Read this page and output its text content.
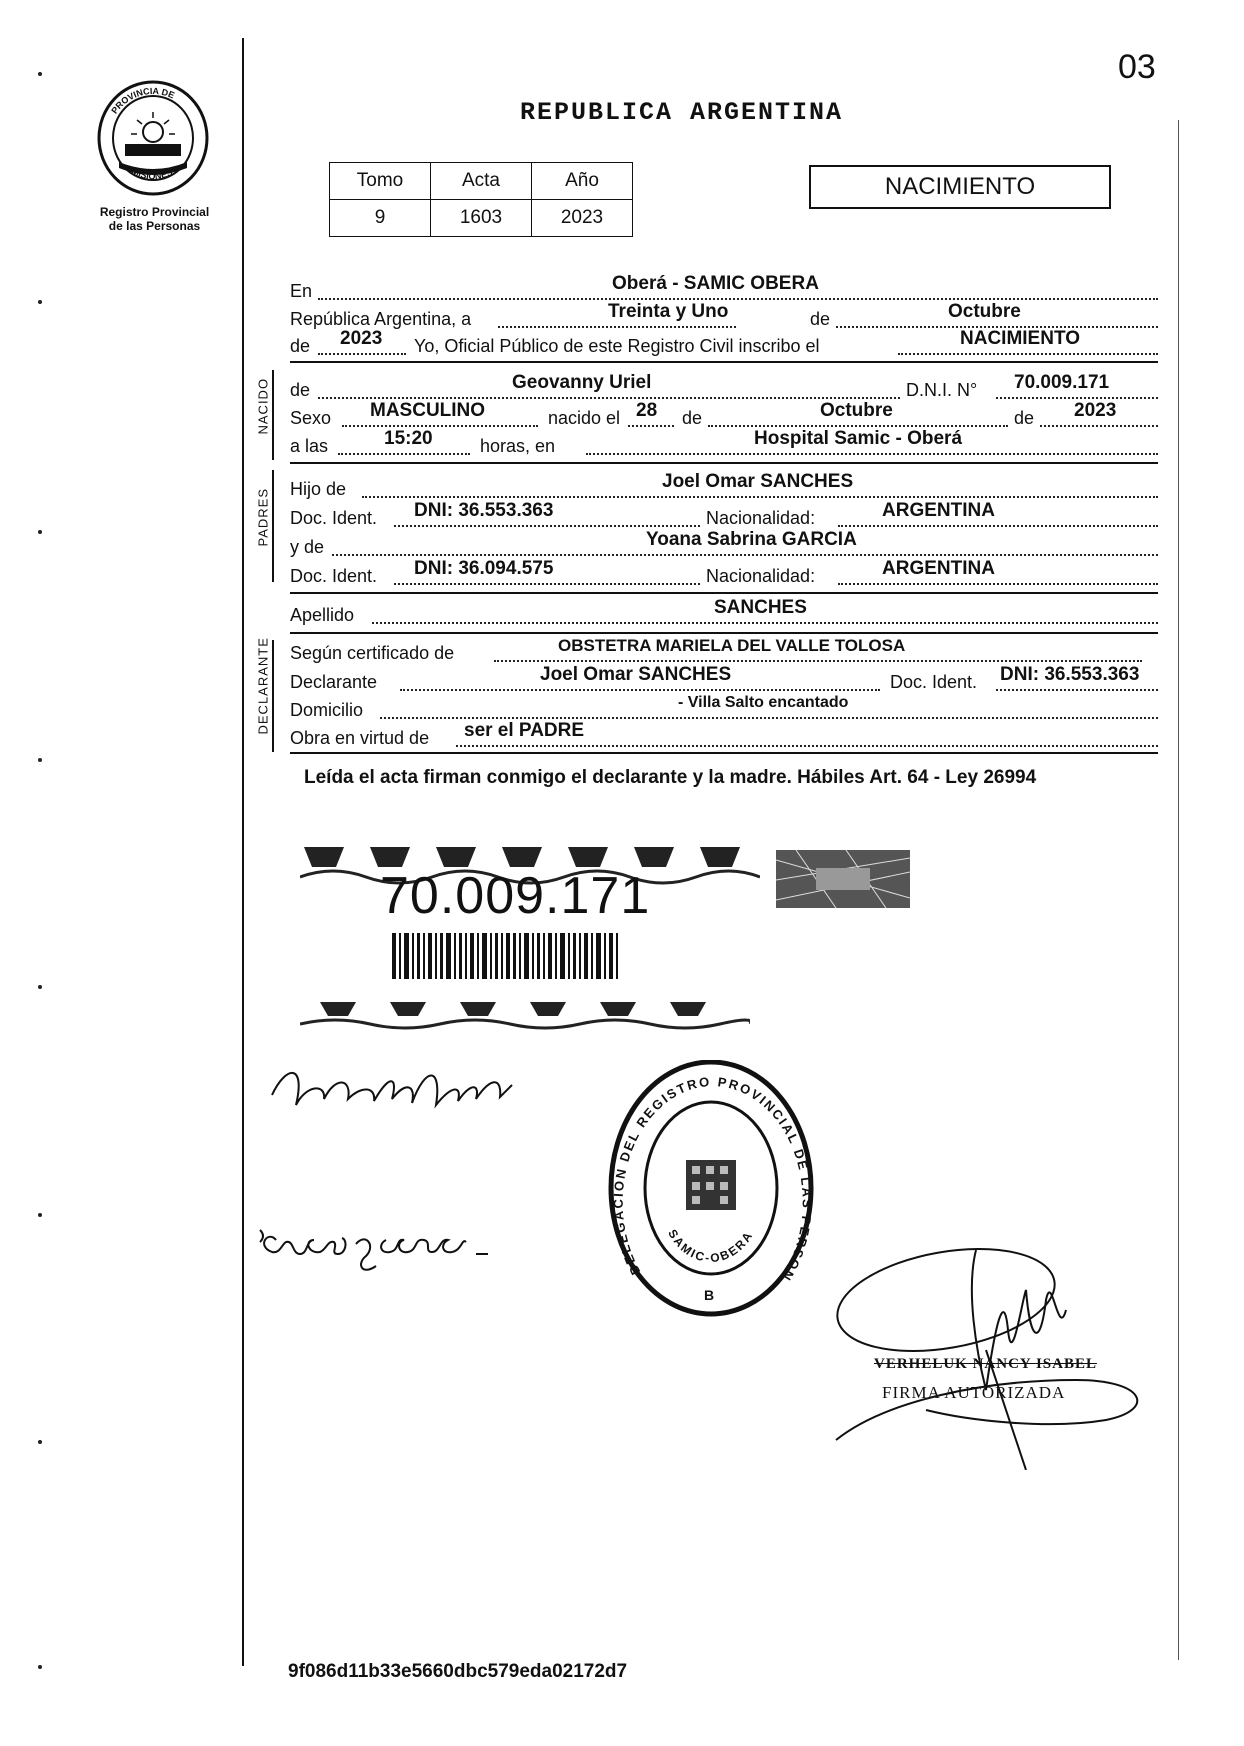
03
PROVINCIA DE
MISIONES
Registro Provincial
de las Personas
REPUBLICA ARGENTINA
Tomo	Acta	Año
9	1603	2023
NACIMIENTO
En	Oberá - SAMIC OBERA
República Argentina, a	Treinta y Uno	de	Octubre
de 2023 Yo, Oficial Público de este Registro Civil inscribo el	NACIMIENTO
NACIDO de	Geovanny Uriel	D.N.I. N° 70.009.171
Sexo MASCULINO	nacido el 28 de	Octubre	de 2023
a las	15:20	horas, en	Hospital Samic - Oberá
PADRES Hijo de	Joel Omar SANCHES
Doc. Ident. DNI: 36.553.363	Nacionalidad:	ARGENTINA
y de	Yoana Sabrina GARCIA
Doc. Ident. DNI: 36.094.575	Nacionalidad:	ARGENTINA
Apellido	SANCHES
DECLARANTE Según certificado de	OBSTETRA MARIELA DEL VALLE TOLOSA
Declarante	Joel Omar SANCHES	Doc. Ident. DNI: 36.553.363
Domicilio	- Villa Salto encantado
Obra en virtud de ser el PADRE
Leída el acta firman conmigo el declarante y la madre. Hábiles Art. 64 - Ley 26994
70.009.171
DELEGACION DEL REGISTRO PROVINCIAL DE LAS PERSON
SAMIC-OBERA
B
VERHELUK NANCY ISABEL
FIRMA AUTORIZADA
9f086d11b33e5660dbc579eda02172d7
